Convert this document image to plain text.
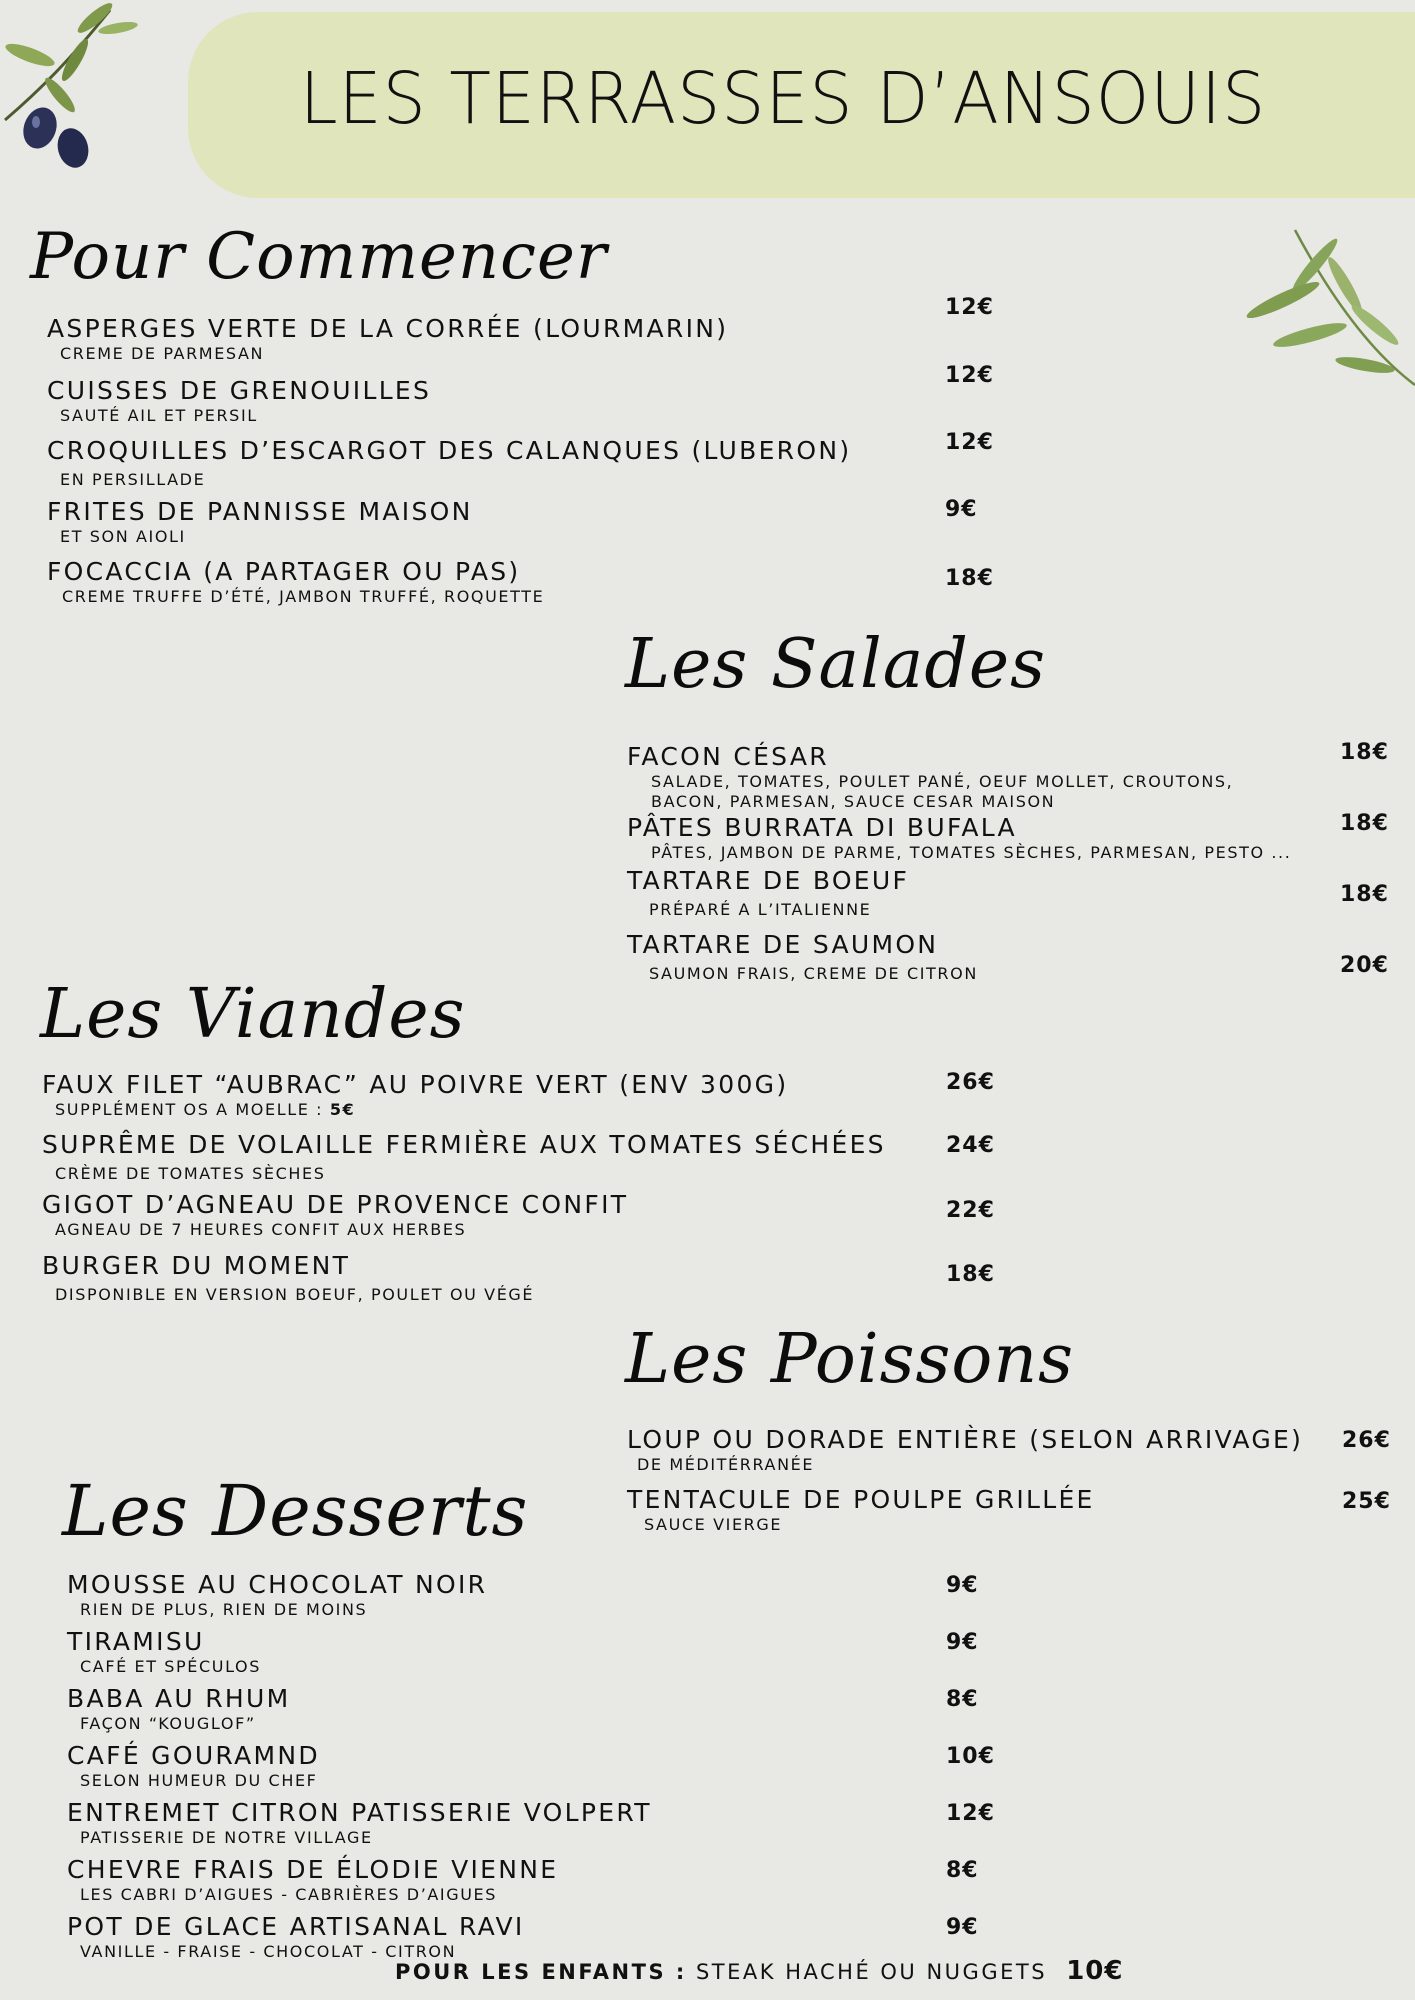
LES TERRASSES D’ANSOUIS
Pour Commencer
ASPERGES VERTE DE LA CORRÉE (LOURMARIN)
CREME DE PARMESAN
12€
CUISSES DE GRENOUILLES
SAUTÉ AIL ET PERSIL
12€
CROQUILLES D’ESCARGOT DES CALANQUES (LUBERON)
EN PERSILLADE
12€
FRITES DE PANNISSE MAISON
ET SON AIOLI
9€
FOCACCIA (A PARTAGER OU PAS)
CREME TRUFFE D’ÉTÉ, JAMBON TRUFFÉ, ROQUETTE
18€
Les Salades
FACON CÉSAR
SALADE, TOMATES, POULET PANÉ, OEUF MOLLET, CROUTONS,
BACON, PARMESAN, SAUCE CESAR MAISON
18€
PÂTES BURRATA DI BUFALA
PÂTES, JAMBON DE PARME, TOMATES SÈCHES, PARMESAN, PESTO ...
18€
TARTARE DE BOEUF
PRÉPARÉ A L’ITALIENNE
18€
TARTARE DE SAUMON
SAUMON FRAIS, CREME DE CITRON	20€
Les Viandes
FAUX FILET “AUBRAC” AU POIVRE VERT (ENV 300G)
SUPPLÉMENT OS A MOELLE : 5€
26€
SUPRÊME DE VOLAILLE FERMIÈRE AUX TOMATES SÉCHÉES
CRÈME DE TOMATES SÈCHES
24€
GIGOT D’AGNEAU DE PROVENCE CONFIT
AGNEAU DE 7 HEURES CONFIT AUX HERBES
22€
BURGER DU MOMENT
DISPONIBLE EN VERSION BOEUF, POULET OU VÉGÉ
18€
Les Poissons
LOUP OU DORADE ENTIÈRE (SELON ARRIVAGE)
DE MÉDITÉRRANÉE
26€
TENTACULE DE POULPE GRILLÉE
SAUCE VIERGE
25€
Les Desserts
MOUSSE AU CHOCOLAT NOIR
RIEN DE PLUS, RIEN DE MOINS
9€
TIRAMISU
CAFÉ ET SPÉCULOS
9€
BABA AU RHUM
FAÇON “KOUGLOF”
8€
CAFÉ GOURAMND
SELON HUMEUR DU CHEF
10€
ENTREMET CITRON PATISSERIE VOLPERT
PATISSERIE DE NOTRE VILLAGE
12€
CHEVRE FRAIS DE ÉLODIE VIENNE
LES CABRI D’AIGUES - CABRIÈRES D’AIGUES
8€
POT DE GLACE ARTISANAL RAVI
VANILLE - FRAISE - CHOCOLAT - CITRON
9€
POUR LES ENFANTS : STEAK HACHÉ OU NUGGETS 10€
